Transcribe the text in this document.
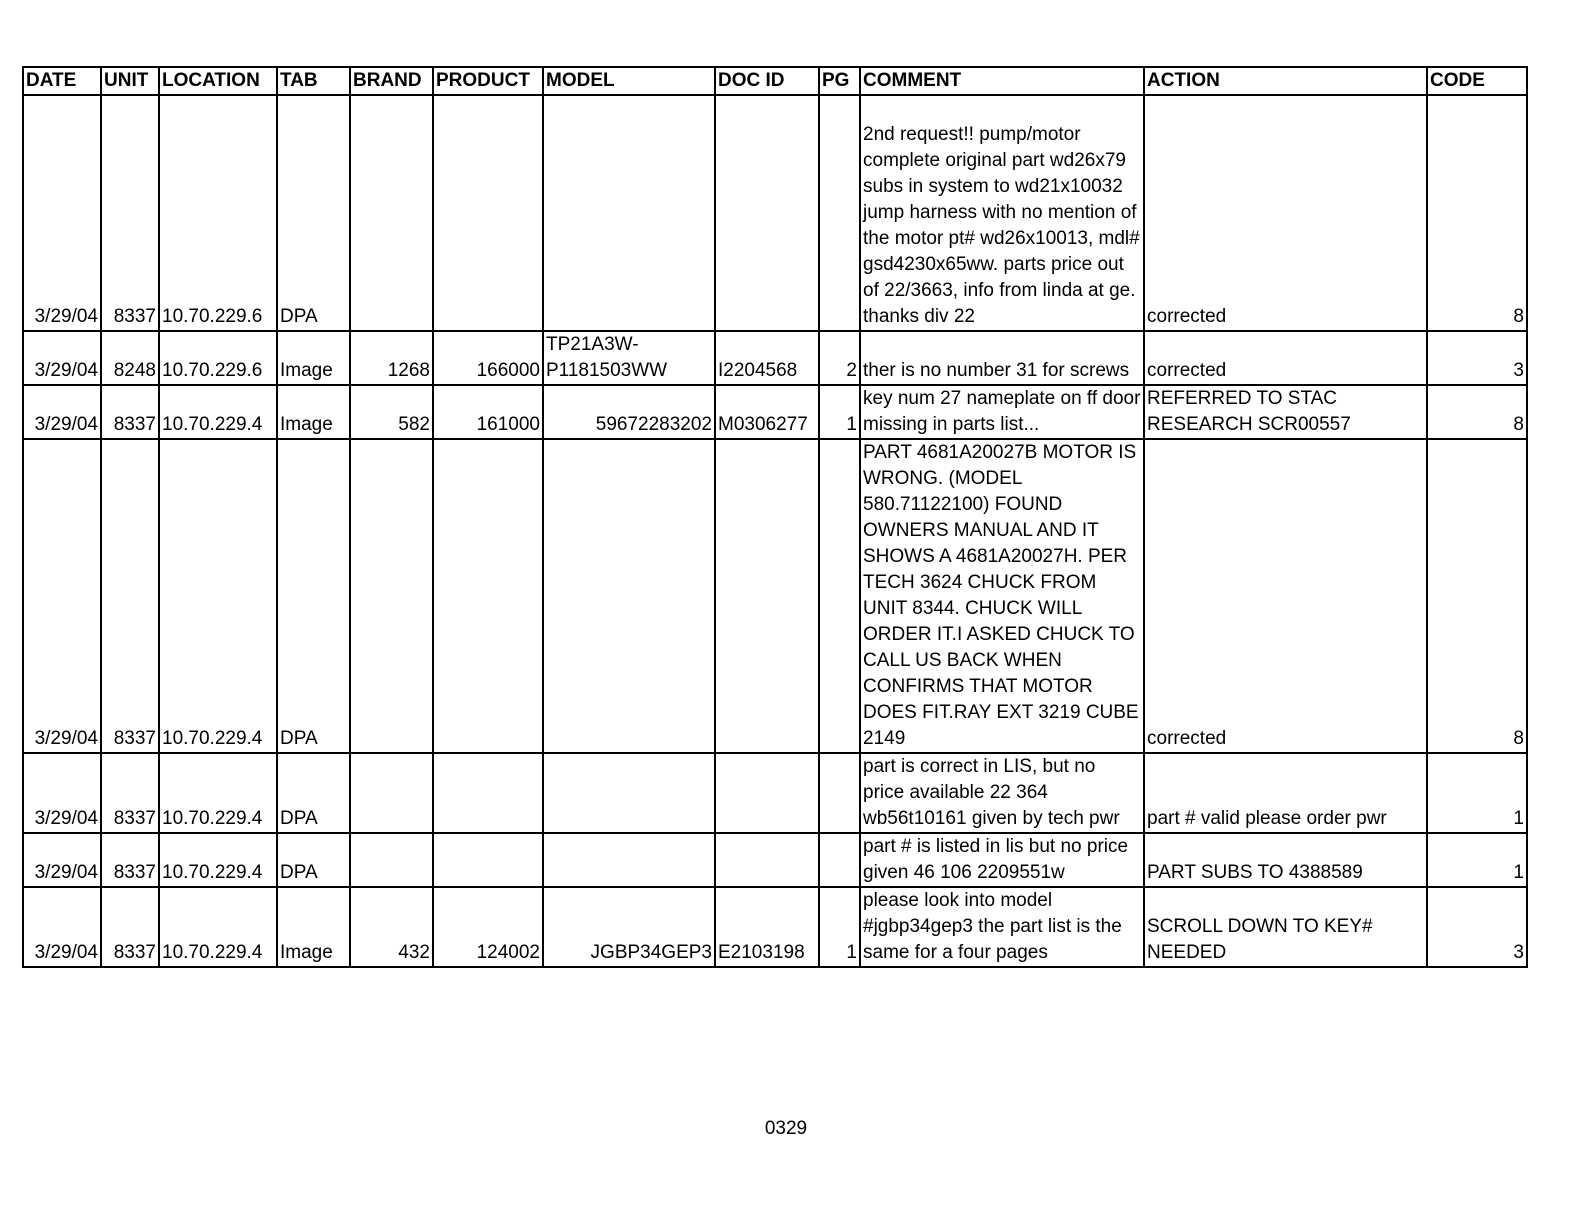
DATE	UNIT	LOCATION	TAB	BRAND	PRODUCT	MODEL	DOC ID	PG	COMMENT	ACTION	CODE
3/29/04	8337	10.70.229.6	DPA						2nd request!! pump/motor complete original part wd26x79 subs in system to wd21x10032 jump harness with no mention of the motor pt# wd26x10013, mdl# gsd4230x65ww. parts price out of 22/3663, info from linda at ge. thanks div 22	corrected	8
3/29/04	8248	10.70.229.6	Image	1268	166000	TP21A3W-
P1181503WW	I2204568	2	ther is no number 31 for screws	corrected	3
3/29/04	8337	10.70.229.4	Image	582	161000	59672283202	M0306277	1	key num 27 nameplate on ff door missing in parts list...	REFERRED TO STAC
RESEARCH SCR00557	8
3/29/04	8337	10.70.229.4	DPA						PART 4681A20027B MOTOR IS WRONG. (MODEL 580.71122100) FOUND OWNERS MANUAL AND IT SHOWS A 4681A20027H. PER TECH 3624 CHUCK FROM UNIT 8344. CHUCK WILL ORDER IT.I ASKED CHUCK TO CALL US BACK WHEN CONFIRMS THAT MOTOR DOES FIT.RAY EXT 3219 CUBE 2149	corrected	8
3/29/04	8337	10.70.229.4	DPA						part is correct in LIS, but no price available 22 364 wb56t10161 given by tech pwr	part # valid please order pwr	1
3/29/04	8337	10.70.229.4	DPA						part # is listed in lis but no price given 46 106 2209551w	PART SUBS TO 4388589	1
3/29/04	8337	10.70.229.4	Image	432	124002	JGBP34GEP3	E2103198	1	please look into model #jgbp34gep3 the part list is the same for a four pages	SCROLL DOWN TO KEY#
NEEDED	3
0329
